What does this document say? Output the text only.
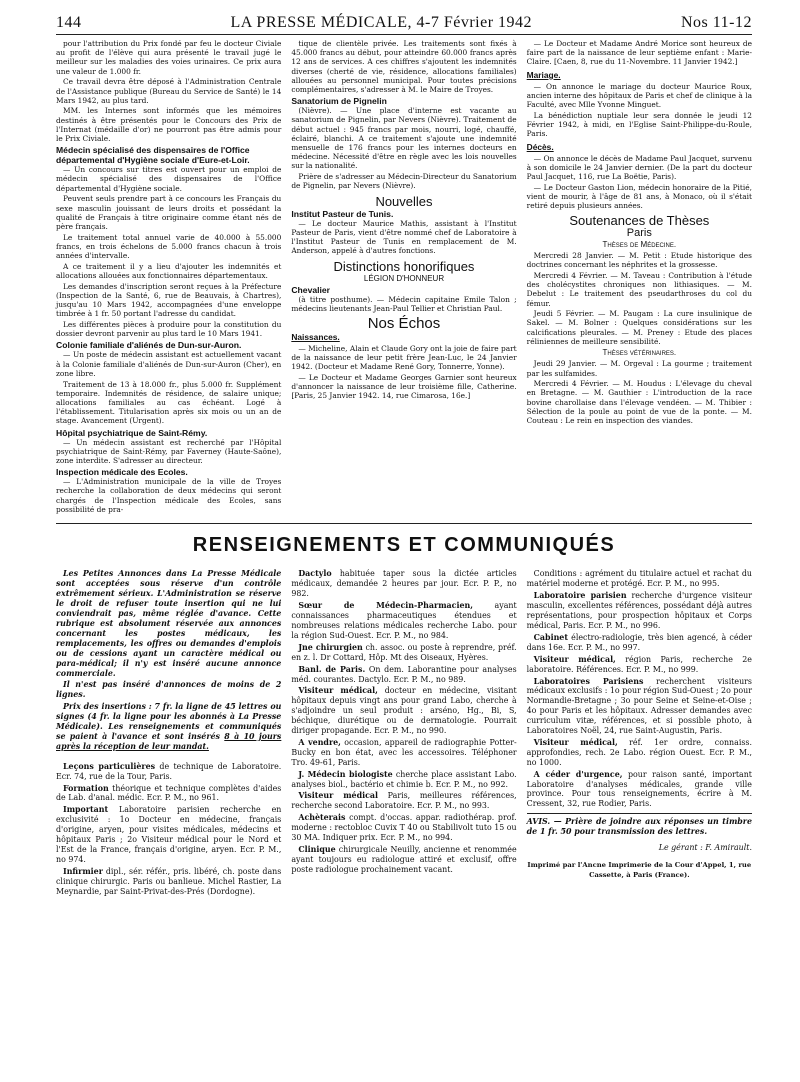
144	LA PRESSE MÉDICALE, 4-7 Février 1942	Nos 11-12

pour l'attribution du Prix fondé par feu le docteur Civiale au profit de l'élève qui aura présenté le travail jugé le meilleur sur les maladies des voies urinaires. Ce prix aura une valeur de 1.000 fr.

Ce travail devra être déposé à l'Administration Centrale de l'Assistance publique (Bureau du Service de Santé) le 14 Mars 1942, au plus tard.

MM. les Internes sont informés que les mémoires destinés à être présentés pour le Concours des Prix de l'Internat (médaille d'or) ne pourront pas être admis pour le Prix Civiale.

Médecin spécialisé des dispensaires de l'Office départemental d'Hygiène sociale d'Eure-et-Loir.

— Un concours sur titres est ouvert pour un emploi de médecin spécialisé des dispensaires de l'Office départemental d'Hygiène sociale.

Peuvent seuls prendre part à ce concours les Français du sexe masculin jouissant de leurs droits et possédant la qualité de Français à titre originaire comme étant nés de père français.

Le traitement total annuel varie de 40.000 à 55.000 francs, en trois échelons de 5.000 francs chacun à trois années d'intervalle.

A ce traitement il y a lieu d'ajouter les indemnités et allocations allouées aux fonctionnaires départementaux.

Les demandes d'inscription seront reçues à la Préfecture (Inspection de la Santé, 6, rue de Beauvais, à Chartres), jusqu'au 10 Mars 1942, accompagnées d'une enveloppe timbrée à 1 fr. 50 portant l'adresse du candidat.

Les différentes pièces à produire pour la constitution du dossier devront parvenir au plus tard le 10 Mars 1941.

Colonie familiale d'aliénés de Dun-sur-Auron.

— Un poste de médecin assistant est actuellement vacant à la Colonie familiale d'aliénés de Dun-sur-Auron (Cher), en zone libre.

Traitement de 13 à 18.000 fr., plus 5.000 fr. Supplément temporaire. Indemnités de résidence, de salaire unique; allocations familiales au cas échéant. Logé à l'établissement. Titularisation après six mois ou un an de stage. Avancement (Urgent).

Hôpital psychiatrique de Saint-Rémy.

— Un médecin assistant est recherché par l'Hôpital psychiatrique de Saint-Rémy, par Faverney (Haute-Saône), zone interdite. S'adresser au directeur.

Inspection médicale des Ecoles.

— L'Administration municipale de la ville de Troyes recherche la collaboration de deux médecins qui seront chargés de l'Inspection médicale des Ecoles, sans possibilité de pra-

tique de clientèle privée. Les traitements sont fixés à 45.000 francs au début, pour atteindre 60.000 francs après 12 ans de services. A ces chiffres s'ajoutent les indemnités diverses (cherté de vie, résidence, allocations familiales) allouées au personnel municipal. Pour toutes précisions complémentaires, s'adresser à M. le Maire de Troyes.

Sanatorium de Pignelin

(Nièvre). — Une place d'interne est vacante au sanatorium de Pignelin, par Nevers (Nièvre). Traitement de début actuel : 945 francs par mois, nourri, logé, chauffé, éclairé, blanchi. A ce traitement s'ajoute une indemnité mensuelle de 176 francs pour les internes docteurs en médecine. Nécessité d'être en règle avec les lois nouvelles sur la nationalité.

Prière de s'adresser au Médecin-Directeur du Sanatorium de Pignelin, par Nevers (Nièvre).

Nouvelles
Institut Pasteur de Tunis.

— Le docteur Maurice Mathis, assistant à l'Institut Pasteur de Paris, vient d'être nommé chef de Laboratoire à l'Institut Pasteur de Tunis en remplacement de M. Anderson, appelé à d'autres fonctions.

Distinctions honorifiques
LÉGION D'HONNEUR
Chevalier

(à titre posthume). — Médecin capitaine Emile Talon ; médecins lieutenants Jean-Paul Tellier et Christian Paul.

Nos Échos
Naissances.

— Micheline, Alain et Claude Gory ont la joie de faire part de la naissance de leur petit frère Jean-Luc, le 24 Janvier 1942. (Docteur et Madame René Gory, Tonnerre, Yonne).

— Le Docteur et Madame Georges Garnier sont heureux d'annoncer la naissance de leur troisième fille, Catherine. [Paris, 25 Janvier 1942. 14, rue Cimarosa, 16e.]

— Le Docteur et Madame André Morice sont heureux de faire part de la naissance de leur septième enfant : Marie-Claire. [Caen, 8, rue du 11-Novembre. 11 Janvier 1942.]

Mariage.

— On annonce le mariage du docteur Maurice Roux, ancien interne des hôpitaux de Paris et chef de clinique à la Faculté, avec Mlle Yvonne Minguet.

La bénédiction nuptiale leur sera donnée le jeudi 12 Février 1942, à midi, en l'Eglise Saint-Philippe-du-Roule, Paris.

Décès.

— On annonce le décès de Madame Paul Jacquet, survenu à son domicile le 24 Janvier dernier. (De la part du docteur Paul Jacquet, 116, rue La Boëtie, Paris).

— Le Docteur Gaston Lion, médecin honoraire de la Pitié, vient de mourir, à l'âge de 81 ans, à Monaco, où il s'était retiré depuis plusieurs années.

Soutenances de Thèses
Paris
Thèses de Médecine.

Mercredi 28 Janvier. — M. Petit : Etude historique des doctrines concernant les néphrites et la grossesse.

Mercredi 4 Février. — M. Taveau : Contribution à l'étude des cholécystites chroniques non lithiasiques. — M. Debelut : Le traitement des pseudarthroses du col du fémur.

Jeudi 5 Février. — M. Paugam : La cure insulinique de Sakel. — M. Bolner : Quelques considérations sur les calcifications pleurales. — M. Preney : Etude des places réliniennes de meilleure sensibilité.

Thèses vétérinaires.

Jeudi 29 Janvier. — M. Orgeval : La gourme ; traitement par les sulfamides.

Mercredi 4 Février. — M. Houdus : L'élevage du cheval en Bretagne. — M. Gauthier : L'introduction de la race bovine charollaise dans l'élevage vendéen. — M. Thibier : Sélection de la poule au point de vue de la ponte. — M. Couteau : Le rein en inspection des viandes.

RENSEIGNEMENTS ET COMMUNIQUÉS

Les Petites Annonces dans La Presse Médicale sont acceptées sous réserve d'un contrôle extrêmement sérieux. L'Administration se réserve le droit de refuser toute insertion qui ne lui conviendrait pas, même réglée d'avance. Cette rubrique est absolument réservée aux annonces concernant les postes médicaux, les remplacements, les offres ou demandes d'emplois ou de cessions ayant un caractère médical ou para-médical; il n'y est inséré aucune annonce commerciale.

Il n'est pas inséré d'annonces de moins de 2 lignes.

Prix des insertions : 7 fr. la ligne de 45 lettres ou signes (4 fr. la ligne pour les abonnés à La Presse Médicale). Les renseignements et communiqués se paient à l'avance et sont insérés 8 à 10 jours après la réception de leur mandat.

Leçons particulières de technique de Laboratoire. Ecr. 74, rue de la Tour, Paris.

Formation théorique et technique complètes d'aides de Lab. d'anal. médic. Ecr. P. M., no 961.

Important Laboratoire parisien recherche en exclusivité : 1o Docteur en médecine, français d'origine, aryen, pour visites médicales, médecins et hôpitaux Paris ; 2o Visiteur médical pour le Nord et l'Est de la France, français d'origine, aryen. Ecr. P. M., no 974.

Infirmier dipl., sér. référ., pris. libéré, ch. poste dans clinique chirurgic. Paris ou banlieue. Michel Rastier, La Meynardie, par Saint-Privat-des-Prés (Dordogne).

Dactylo habituée taper sous la dictée articles médicaux, demandée 2 heures par jour. Ecr. P. P., no 982.

Sœur de Médecin-Pharmacien,	ayant connaissances pharmaceutiques étendues et nombreuses relations médicales recherche Labo. pour la région Sud-Ouest. Ecr. P. M., no 984.

Jne chirurgien ch. assoc. ou poste à reprendre, préf. en z. l. Dr Cottard, Hôp. Mt des Oiseaux, Hyères.

Banl. de Paris. On dem. Laborantine pour analyses méd. courantes. Dactylo. Ecr. P. M., no 989.

Visiteur médical, docteur en médecine, visitant hôpitaux depuis vingt ans pour grand Labo, cherche à s'adjoindre un seul produit : arséno, Hg., Bi, S, béchique, diurétique ou de dermatologie. Pourrait diriger propagande. Ecr. P. M., no 990.

A vendre, occasion, appareil de radiographie Potter-Bucky en bon état, avec les accessoires. Téléphoner Tro. 49-61, Paris.

J. Médecin biologiste cherche place assistant Labo. analyses biol., bactério et chimie b. Ecr. P. M., no 992.

Visiteur médical Paris, meilleures références, recherche second Laboratoire. Ecr. P. M., no 993.

Achèterais compt. d'occas. appar. radiothérap. prof. moderne : rectobloc Cuvix T 40 ou Stabilivolt tuto 15 ou 30 MA. Indiquer prix. Ecr. P. M., no 994.

Clinique chirurgicale Neuilly, ancienne et renommée ayant toujours eu radiologue attiré et exclusif, offre poste radiologue prochainement vacant.

Conditions : agrément du titulaire actuel et rachat du matériel moderne et protégé. Ecr. P. M., no 995.

Laboratoire parisien recherche d'urgence visiteur masculin, excellentes références, possédant déjà autres représentations, pour prospection hôpitaux et Corps médical, Paris. Ecr. P. M., no 996.

Cabinet électro-radiologie, très bien agencé, à céder dans 16e. Ecr. P. M., no 997.

Visiteur médical, région Paris, recherche 2e laboratoire. Références. Ecr. P. M., no 999.

Laboratoires Parisiens recherchent visiteurs médicaux exclusifs : 1o pour région Sud-Ouest ; 2o pour Normandie-Bretagne ; 3o pour Seine et Seine-et-Oise ; 4o pour Paris et les hôpitaux. Adresser demandes avec curriculum vitæ, références, et si possible photo, à Laboratoires Noël, 24, rue Saint-Augustin, Paris.

Visiteur médical, réf. 1er ordre, connaiss. approfondies, rech. 2e Labo. région Ouest. Ecr. P. M., no 1000.

A céder d'urgence, pour raison santé, important Laboratoire d'analyses médicales, grande ville province. Pour tous renseignements, écrire à M. Cressent, 32, rue Rodier, Paris.

AVIS. — Prière de joindre aux réponses un timbre de 1 fr. 50 pour transmission des lettres.
Le gérant : F. Amirault.
Imprimé par l'Ancne Imprimerie de la Cour d'Appel, 1, rue Cassette, à Paris (France).
